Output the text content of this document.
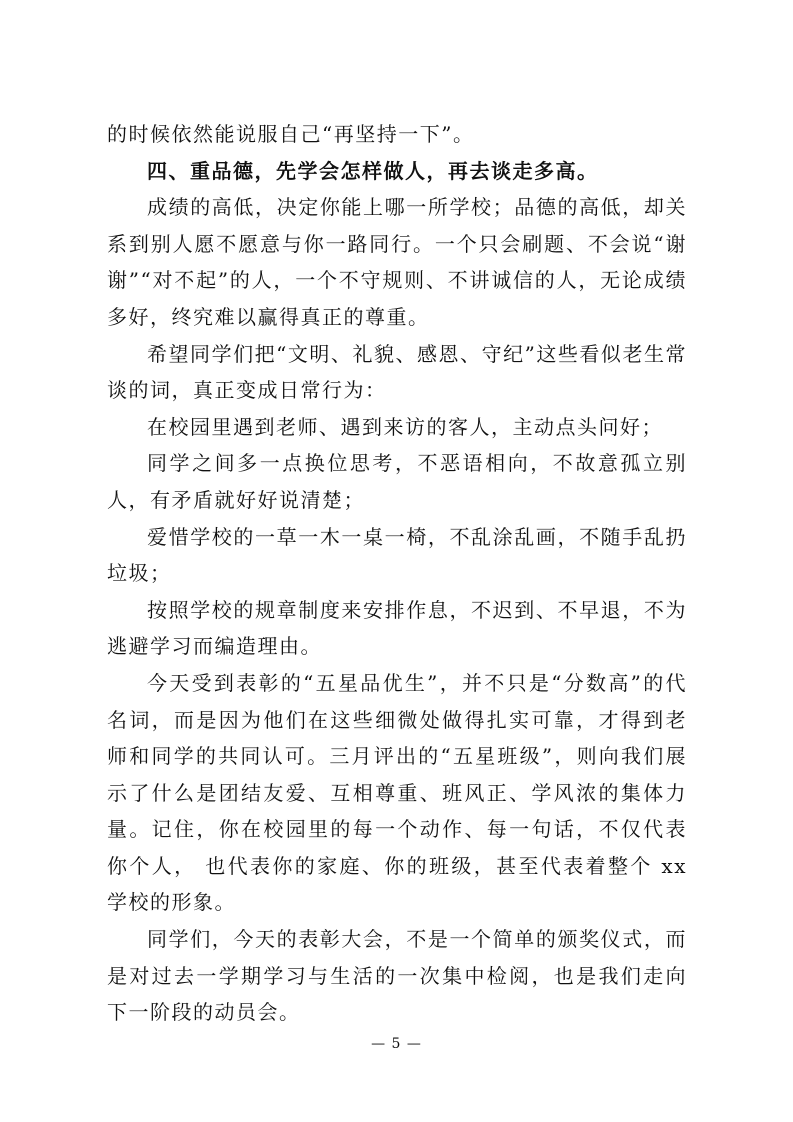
的时候依然能说服自己“再坚持一下”。

四、重品德，先学会怎样做人，再去谈走多高。

成绩的高低，决定你能上哪一所学校；品德的高低，却关系到别人愿不愿意与你一路同行。一个只会刷题、不会说“谢谢”“对不起”的人，一个不守规则、不讲诚信的人，无论成绩多好，终究难以赢得真正的尊重。

希望同学们把“文明、礼貌、感恩、守纪”这些看似老生常谈的词，真正变成日常行为：

在校园里遇到老师、遇到来访的客人，主动点头问好；

同学之间多一点换位思考，不恶语相向，不故意孤立别人，有矛盾就好好说清楚；

爱惜学校的一草一木一桌一椅，不乱涂乱画，不随手乱扔垃圾；

按照学校的规章制度来安排作息，不迟到、不早退，不为逃避学习而编造理由。

今天受到表彰的“五星品优生”，并不只是“分数高”的代名词，而是因为他们在这些细微处做得扎实可靠，才得到老师和同学的共同认可。三月评出的“五星班级”，则向我们展示了什么是团结友爱、互相尊重、班风正、学风浓的集体力量。记住，你在校园里的每一个动作、每一句话，不仅代表你个人， 也代表你的家庭、你的班级，甚至代表着整个 xx 学校的形象。

同学们，今天的表彰大会，不是一个简单的颁奖仪式，而是对过去一学期学习与生活的一次集中检阅，也是我们走向下一阶段的动员会。

— 5 —
